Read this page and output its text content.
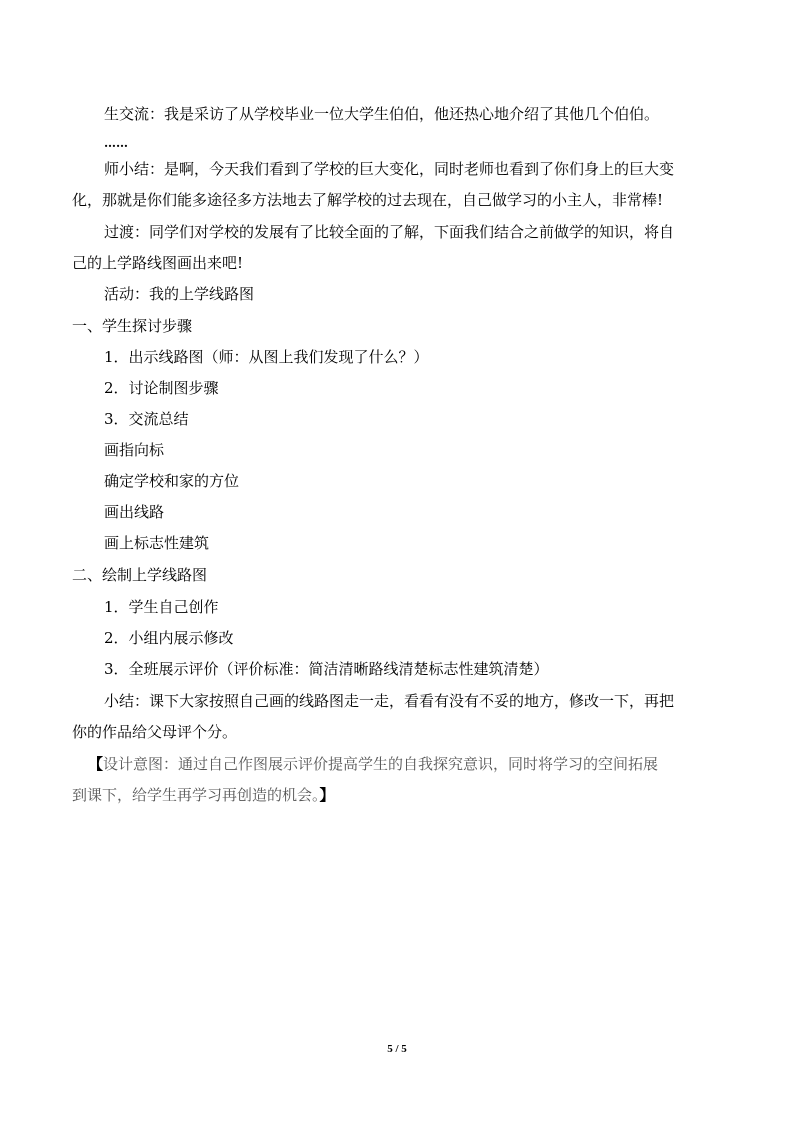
生交流：我是采访了从学校毕业一位大学生伯伯，他还热心地介绍了其他几个伯伯。
……
师小结：是啊，今天我们看到了学校的巨大变化，同时老师也看到了你们身上的巨大变
化，那就是你们能多途径多方法地去了解学校的过去现在，自己做学习的小主人，非常棒!
过渡：同学们对学校的发展有了比较全面的了解，下面我们结合之前做学的知识，将自
己的上学路线图画出来吧!
活动：我的上学线路图
一、学生探讨步骤
1．出示线路图（师：从图上我们发现了什么？）
2．讨论制图步骤
3．交流总结
画指向标
确定学校和家的方位
画出线路
画上标志性建筑
二、绘制上学线路图
1．学生自己创作
2．小组内展示修改
3．全班展示评价（评价标准：简洁清晰路线清楚标志性建筑清楚）
小结：课下大家按照自己画的线路图走一走，看看有没有不妥的地方，修改一下，再把
你的作品给父母评个分。
【设计意图：通过自己作图展示评价提高学生的自我探究意识，同时将学习的空间拓展
到课下，给学生再学习再创造的机会。】
5 / 5
